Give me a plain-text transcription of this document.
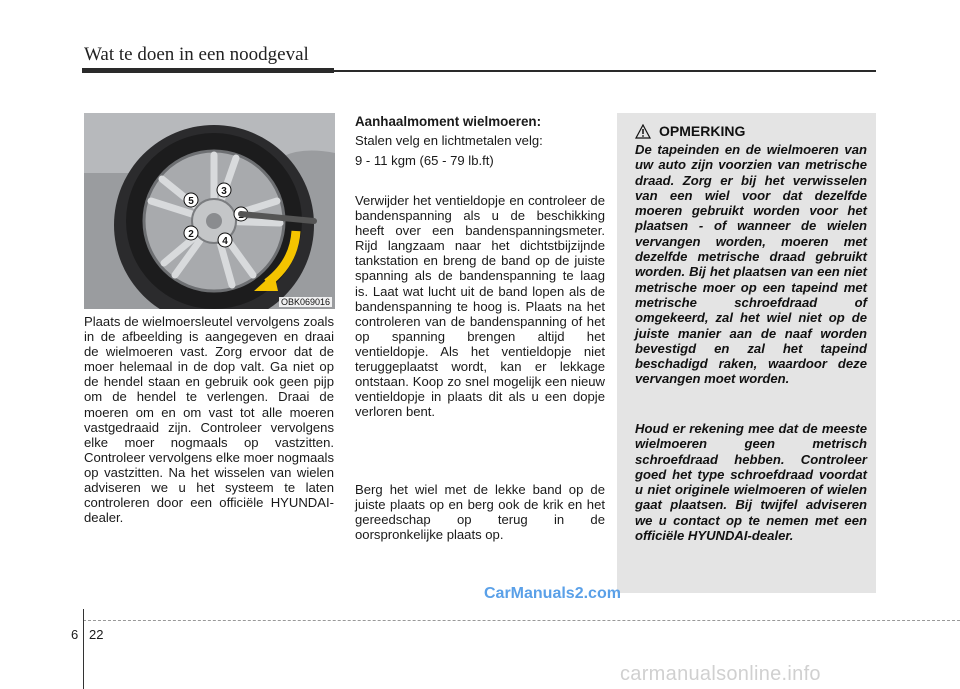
Wat te doen in een noodgeval
2
3
4
5
OBK069016

Plaats de wielmoersleutel vervolgens zoals in de afbeelding is aangegeven en draai de wielmoeren vast. Zorg ervoor dat de moer helemaal in de dop valt. Ga niet op de hendel staan en gebruik ook geen pijp om de hendel te verlengen. Draai de moeren om en om vast tot alle moeren vastgedraaid zijn. Controleer vervolgens elke moer nogmaals op vastzitten. Controleer vervolgens elke moer nogmaals op vastzitten. Na het wisselen van wielen adviseren we u het systeem te laten controleren door een officiële HYUNDAI-dealer.

Aanhaalmoment wielmoeren:
Stalen velg en lichtmetalen velg:
9 - 11 kgm (65 - 79 lb.ft)

Verwijder het ventieldopje en controleer de bandenspanning als u de beschikking heeft over een bandenspanningsmeter. Rijd langzaam naar het dichtstbijzijnde tankstation en breng de band op de juiste spanning als de bandenspanning te laag is. Laat wat lucht uit de band lopen als de bandenspanning te hoog is. Plaats na het controleren van de bandenspanning of het op spanning brengen altijd het ventieldopje. Als het ventieldopje niet teruggeplaatst wordt, kan er lekkage ontstaan. Koop zo snel mogelijk een nieuw ventieldopje in plaats dit als u een dopje verloren bent.

Berg het wiel met de lekke band op de juiste plaats op en berg ook de krik en het gereedschap op terug in de oorspronkelijke plaats op.

OPMERKING

De tapeinden en de wielmoeren van uw auto zijn voorzien van metrische draad. Zorg er bij het verwisselen van een wiel voor dat dezelfde moeren gebruikt worden voor het plaatsen - of wanneer de wielen vervangen worden, moeren met dezelfde metrische draad gebruikt worden. Bij het plaatsen van een niet metrische moer op een tapeind met metrische schroefdraad of omgekeerd, zal het wiel niet op de juiste manier aan de naaf worden bevestigd en zal het tapeind beschadigd raken, waardoor deze vervangen moet worden.

Houd er rekening mee dat de meeste wielmoeren geen metrisch schroefdraad hebben. Controleer goed het type schroefdraad voordat u niet originele wielmoeren of wielen gaat plaatsen. Bij twijfel adviseren we u contact op te nemen met een officiële HYUNDAI-dealer.

CarManuals2.com
6 22
carmanualsonline.info
